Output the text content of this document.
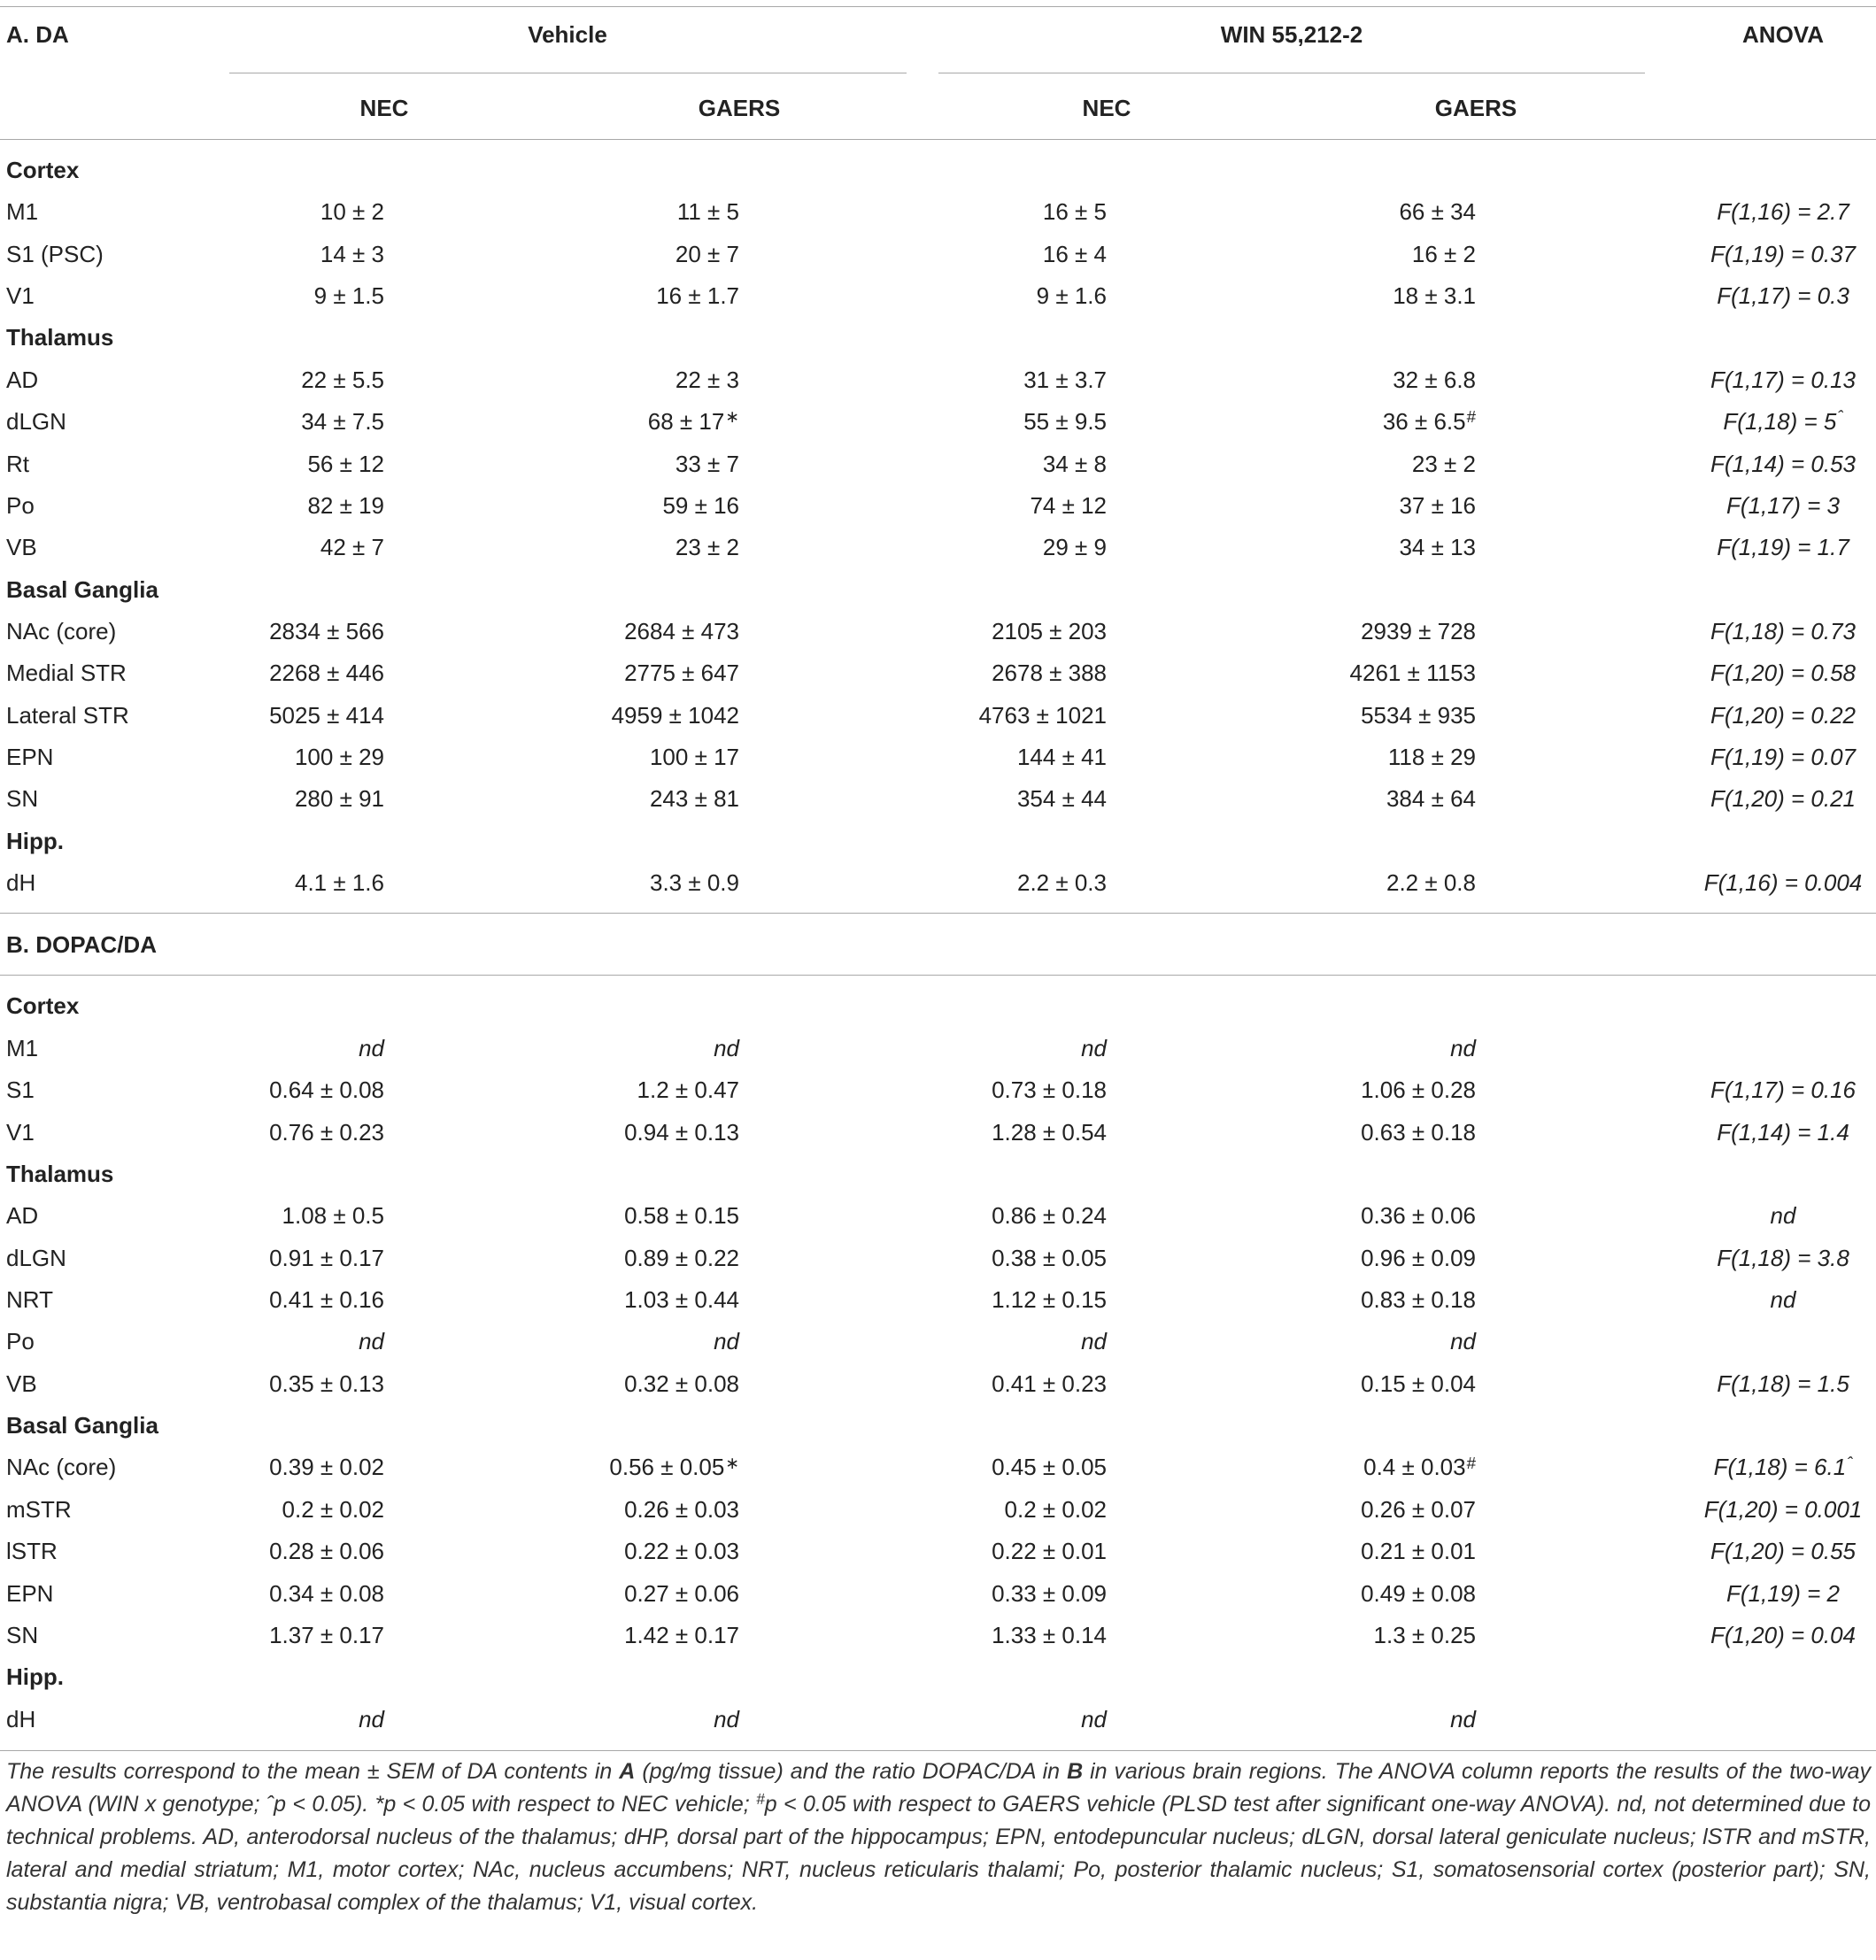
A. DA	Vehicle	WIN 55,212-2	ANOVA
NEC	GAERS	NEC	GAERS
Cortex
M1	10 ± 2	11 ± 5	16 ± 5	66 ± 34	F(1,16) = 2.7
S1 (PSC)	14 ± 3	20 ± 7	16 ± 4	16 ± 2	F(1,19) = 0.37
V1	9 ± 1.5	16 ± 1.7	9 ± 1.6	18 ± 3.1	F(1,17) = 0.3
Thalamus
AD	22 ± 5.5	22 ± 3	31 ± 3.7	32 ± 6.8	F(1,17) = 0.13
dLGN	34 ± 7.5	68 ± 17∗	55 ± 9.5	36 ± 6.5#	$F(1,18) = 5^ˆ$
Rt	56 ± 12	33 ± 7	34 ± 8	23 ± 2	F(1,14) = 0.53
Po	82 ± 19	59 ± 16	74 ± 12	37 ± 16	F(1,17) = 3
VB	42 ± 7	23 ± 2	29 ± 9	34 ± 13	F(1,19) = 1.7
Basal Ganglia
NAc (core)	2834 ± 566	2684 ± 473	2105 ± 203	2939 ± 728	F(1,18) = 0.73
Medial STR	2268 ± 446	2775 ± 647	2678 ± 388	4261 ± 1153	F(1,20) = 0.58
Lateral STR	5025 ± 414	4959 ± 1042	4763 ± 1021	5534 ± 935	F(1,20) = 0.22
EPN	100 ± 29	100 ± 17	144 ± 41	118 ± 29	F(1,19) = 0.07
SN	280 ± 91	243 ± 81	354 ± 44	384 ± 64	F(1,20) = 0.21
Hipp.
dH	4.1 ± 1.6	3.3 ± 0.9	2.2 ± 0.3	2.2 ± 0.8	F(1,16) = 0.004
B. DOPAC/DA
Cortex
M1	nd	nd	nd	nd
S1	0.64 ± 0.08	1.2 ± 0.47	0.73 ± 0.18	1.06 ± 0.28	F(1,17) = 0.16
V1	0.76 ± 0.23	0.94 ± 0.13	1.28 ± 0.54	0.63 ± 0.18	F(1,14) = 1.4
Thalamus
AD	1.08 ± 0.5	0.58 ± 0.15	0.86 ± 0.24	0.36 ± 0.06	nd
dLGN	0.91 ± 0.17	0.89 ± 0.22	0.38 ± 0.05	0.96 ± 0.09	F(1,18) = 3.8
NRT	0.41 ± 0.16	1.03 ± 0.44	1.12 ± 0.15	0.83 ± 0.18	nd
Po	nd	nd	nd	nd
VB	0.35 ± 0.13	0.32 ± 0.08	0.41 ± 0.23	0.15 ± 0.04	F(1,18) = 1.5
Basal Ganglia
NAc (core)	0.39 ± 0.02	0.56 ± 0.05∗	0.45 ± 0.05	0.4 ± 0.03#	$F(1,18) = 6.1^ˆ$
mSTR	0.2 ± 0.02	0.26 ± 0.03	0.2 ± 0.02	0.26 ± 0.07	F(1,20) = 0.001
lSTR	0.28 ± 0.06	0.22 ± 0.03	0.22 ± 0.01	0.21 ± 0.01	F(1,20) = 0.55
EPN	0.34 ± 0.08	0.27 ± 0.06	0.33 ± 0.09	0.49 ± 0.08	F(1,19) = 2
SN	1.37 ± 0.17	1.42 ± 0.17	1.33 ± 0.14	1.3 ± 0.25	F(1,20) = 0.04
Hipp.
dH	nd	nd	nd	nd

The results correspond to the mean ± SEM of DA contents in A (pg/mg tissue) and the ratio DOPAC/DA in B in various brain regions. The ANOVA column reports the results of the two-way ANOVA (WIN x genotype; ˆp < 0.05). *p < 0.05 with respect to NEC vehicle; #p < 0.05 with respect to GAERS vehicle (PLSD test after significant one-way ANOVA). nd, not determined due to technical problems. AD, anterodorsal nucleus of the thalamus; dHP, dorsal part of the hippocampus; EPN, entodepuncular nucleus; dLGN, dorsal lateral geniculate nucleus; lSTR and mSTR, lateral and medial striatum; M1, motor cortex; NAc, nucleus accumbens; NRT, nucleus reticularis thalami; Po, posterior thalamic nucleus; S1, somatosensorial cortex (posterior part); SN, substantia nigra; VB, ventrobasal complex of the thalamus; V1, visual cortex.
